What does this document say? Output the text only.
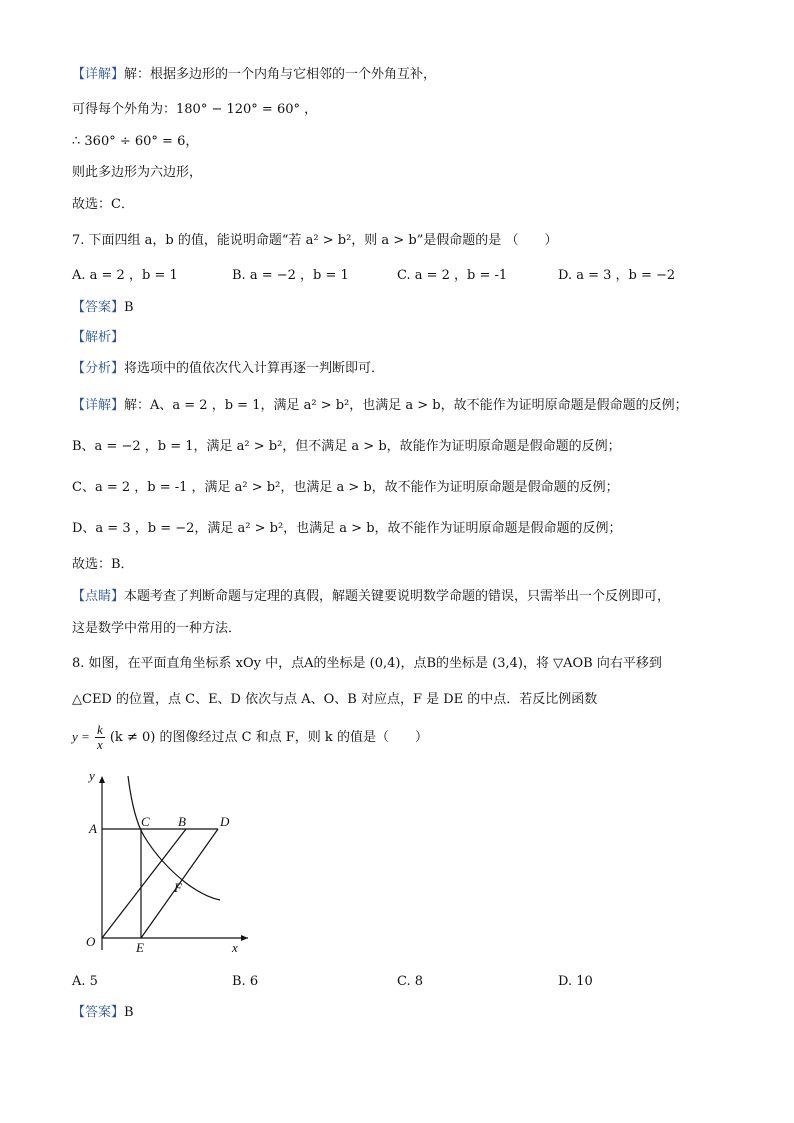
【详解】解：根据多边形的一个内角与它相邻的一个外角互补，
可得每个外角为：180° − 120° = 60° ，
∴ 360° ÷ 60° = 6，
则此多边形为六边形，
故选：C．
7. 下面四组 a，b 的值，能说明命题“若 a² > b²，则 a > b”是假命题的是 （　　）
A. a = 2 ，b = 1	B. a = −2 ，b = 1	C. a = 2 ，b = -1	D. a = 3 ，b = −2
【答案】B
【解析】
【分析】将选项中的值依次代入计算再逐一判断即可．
【详解】解：A、a = 2 ，b = 1，满足 a² > b²，也满足 a > b，故不能作为证明原命题是假命题的反例；
B、a = −2 ，b = 1，满足 a² > b²，但不满足 a > b，故能作为证明原命题是假命题的反例；
C、a = 2 ，b = -1 ，满足 a² > b²，也满足 a > b，故不能作为证明原命题是假命题的反例；
D、a = 3 ，b = −2，满足 a² > b²，也满足 a > b，故不能作为证明原命题是假命题的反例；
故选：B．
【点睛】本题考查了判断命题与定理的真假，解题关键要说明数学命题的错误，只需举出一个反例即可，
这是数学中常用的一种方法．
8. 如图，在平面直角坐标系 xOy 中，点A的坐标是 (0,4)，点B的坐标是 (3,4)，将 ▽AOB 向右平移到
△CED 的位置，点 C、E、D 依次与点 A、O、B 对应点，F 是 DE 的中点．若反比例函数
$y = \frac{k}{x} (k \ne 0)$ 的图像经过点 C 和点 F，则 k 的值是（　　）
y
x
A	C B	D
F
O	E
A. 5	B. 6	C. 8	D. 10
【答案】B
